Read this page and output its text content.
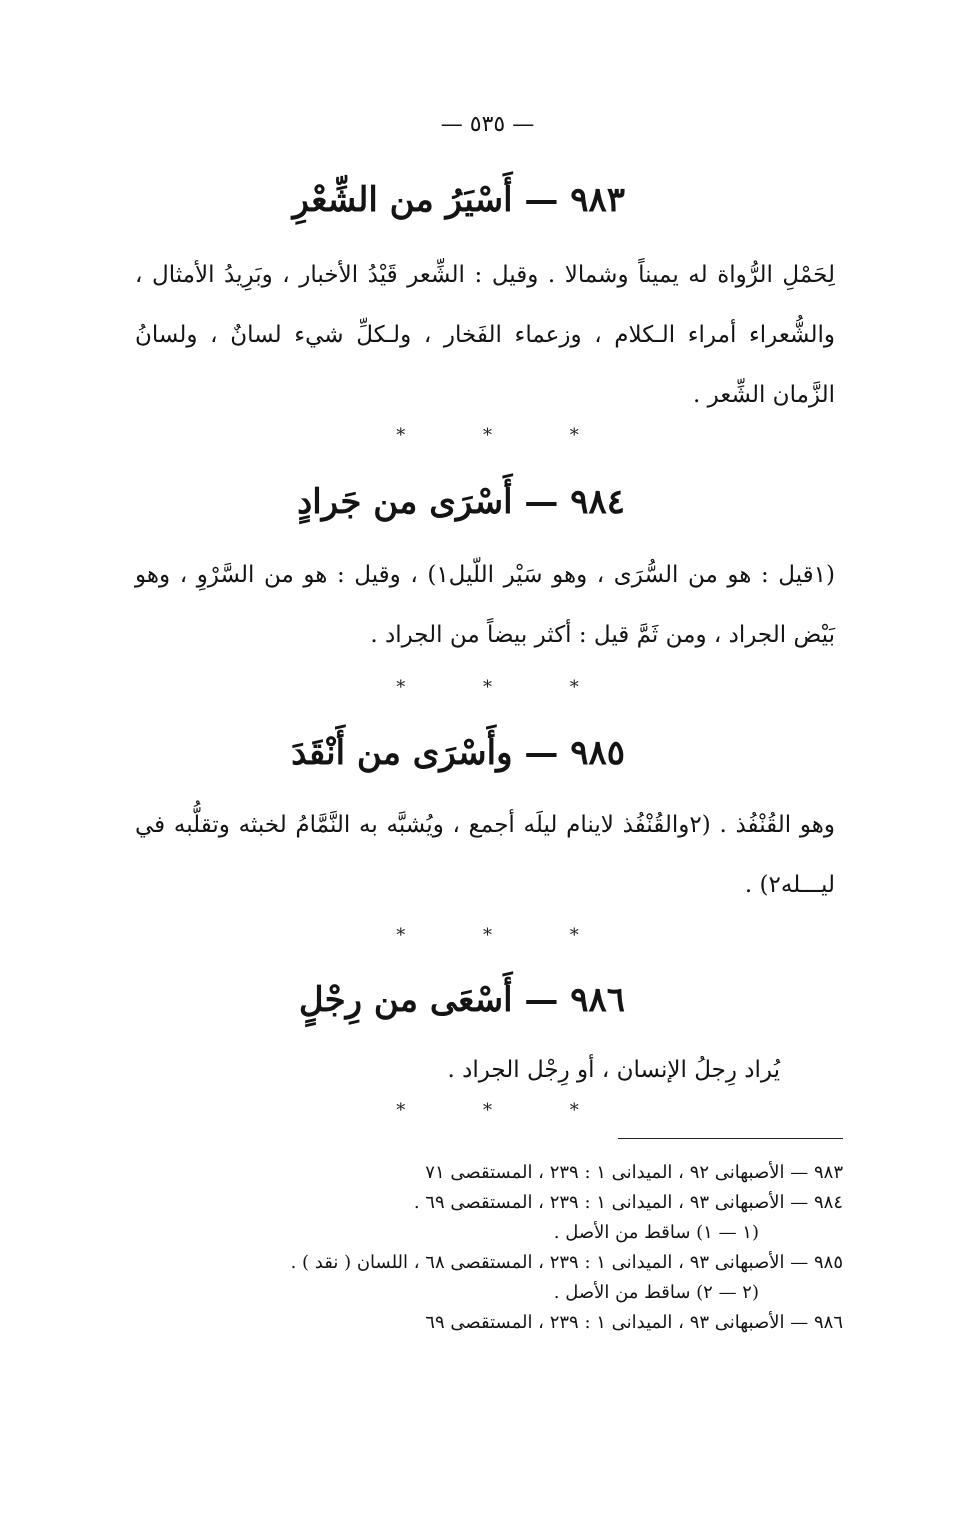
— ٥٣٥ —
٩٨٣ — أَسْيَرُ من الشِّعْرِ
لِحَمْلِ الرُّواة له يميناً وشمالا . وقيل : الشِّعر قَيْدُ الأخبار ، وبَرِيدُ الأمثال ، والشُّعراء أمراء الـكلام ، وزعماء الفَخار ، ولـكلِّ شيء لسانٌ ، ولسانُ الزَّمان الشِّعر .
* * *
٩٨٤ — أَسْرَى من جَرادٍ
(١قيل : هو من السُّرَى ، وهو سَيْر اللّيل١) ، وقيل : هو من السَّرْوِ ، وهو بَيْض الجراد ، ومن ثَمَّ قيل : أكثر بيضاً من الجراد .
* * *
٩٨٥ — وأَسْرَى من أَنْقَدَ
وهو القُنْفُذ . (٢والقُنْفُذ لاينام ليلَه أجمع ، ويُشبَّه به النَّمَّامُ لخبثه وتقلُّبه في ليـــله٢) .
* * *
٩٨٦ — أَسْعَى من رِجْلٍ
يُراد رِجلُ الإنسان ، أو رِجْل الجراد .
* * *
٩٨٣ — الأصبهانى ٩٢ ، الميدانى ١ : ٢٣٩ ، المستقصى ٧١
٩٨٤ — الأصبهانى ٩٣ ، الميدانى ١ : ٢٣٩ ، المستقصى ٦٩ .
(١ — ١) ساقط من الأصل .
٩٨٥ — الأصبهانى ٩٣ ، الميدانى ١ : ٢٣٩ ، المستقصى ٦٨ ، اللسان ( نقد ) .
(٢ — ٢) ساقط من الأصل .
٩٨٦ — الأصبهانى ٩٣ ، الميدانى ١ : ٢٣٩ ، المستقصى ٦٩
